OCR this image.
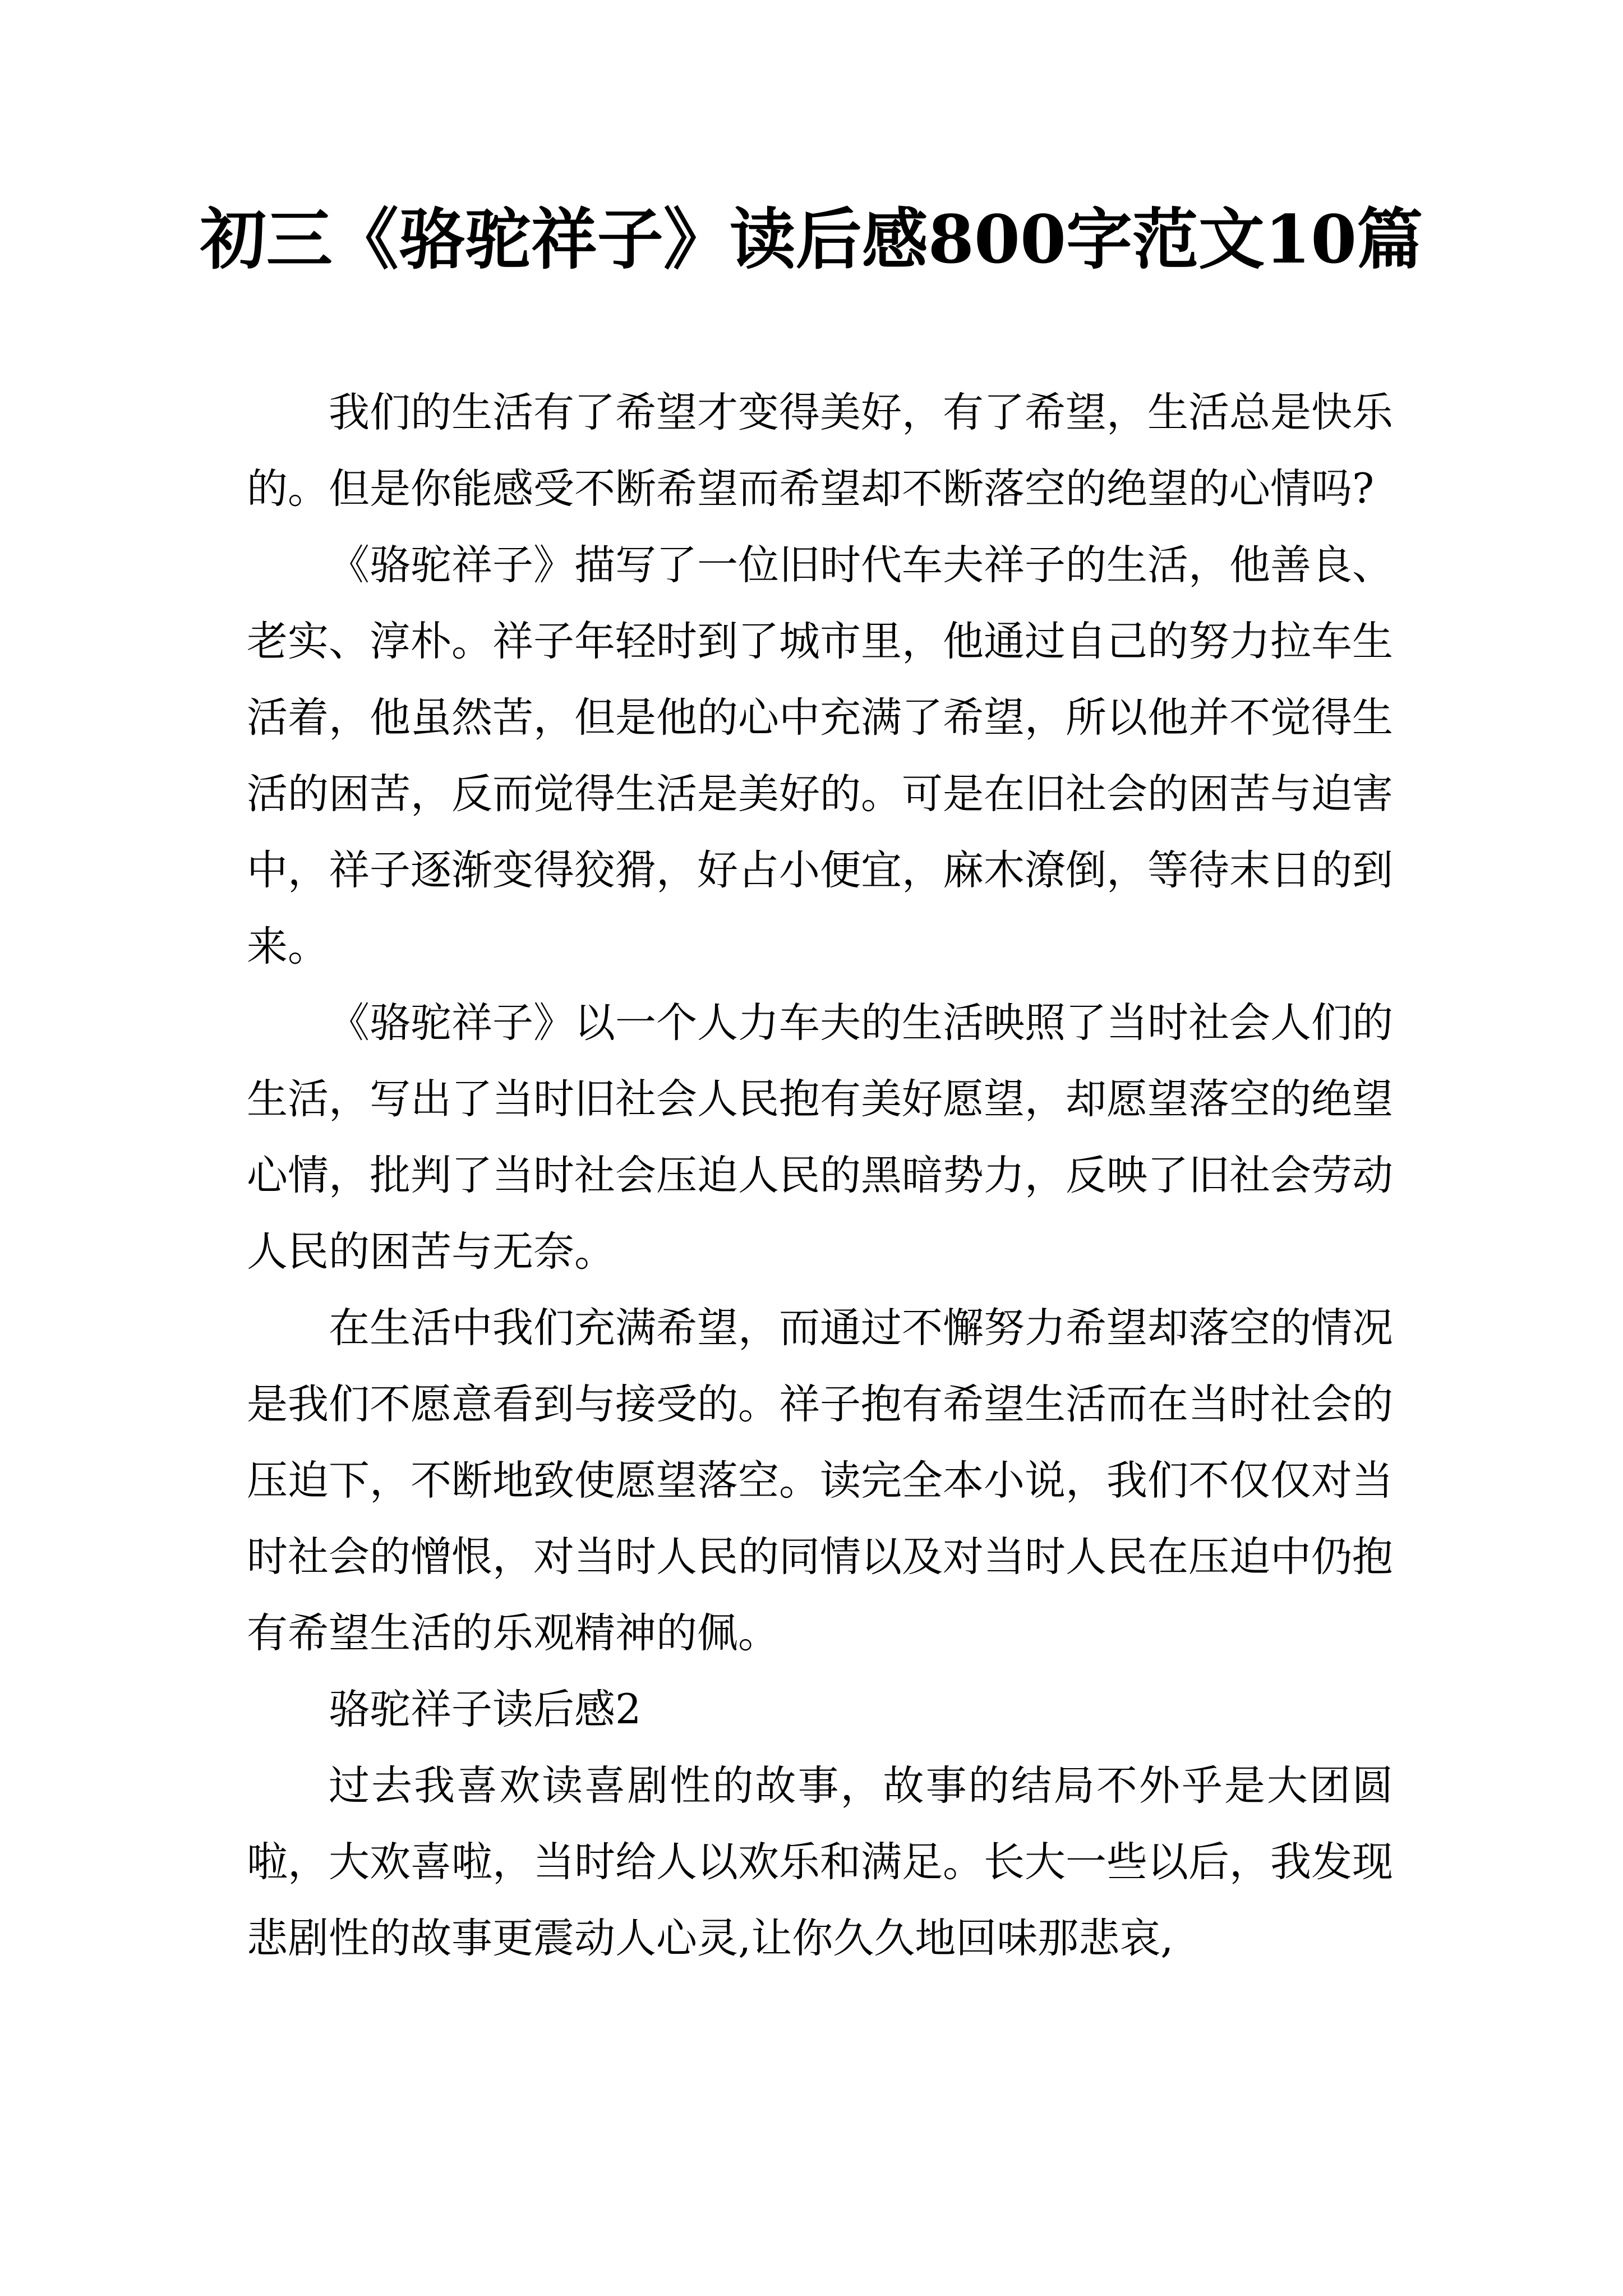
初三《骆驼祥子》读后感800字范文10篇

我们的生活有了希望才变得美好，有了希望，生活总是快乐的。但是你能感受不断希望而希望却不断落空的绝望的心情吗?

《骆驼祥子》描写了一位旧时代车夫祥子的生活，他善良、老实、淳朴。祥子年轻时到了城市里，他通过自己的努力拉车生活着，他虽然苦，但是他的心中充满了希望，所以他并不觉得生活的困苦，反而觉得生活是美好的。可是在旧社会的困苦与迫害中，祥子逐渐变得狡猾，好占小便宜，麻木潦倒，等待末日的到来。

《骆驼祥子》以一个人力车夫的生活映照了当时社会人们的生活，写出了当时旧社会人民抱有美好愿望，却愿望落空的绝望心情，批判了当时社会压迫人民的黑暗势力，反映了旧社会劳动人民的困苦与无奈。

在生活中我们充满希望，而通过不懈努力希望却落空的情况是我们不愿意看到与接受的。祥子抱有希望生活而在当时社会的压迫下，不断地致使愿望落空。读完全本小说，我们不仅仅对当时社会的憎恨，对当时人民的同情以及对当时人民在压迫中仍抱有希望生活的乐观精神的佩。

骆驼祥子读后感2

过去我喜欢读喜剧性的故事，故事的结局不外乎是大团圆啦，大欢喜啦，当时给人以欢乐和满足。长大一些以后，我发现悲剧性的故事更震动人心灵,让你久久地回味那悲哀,
